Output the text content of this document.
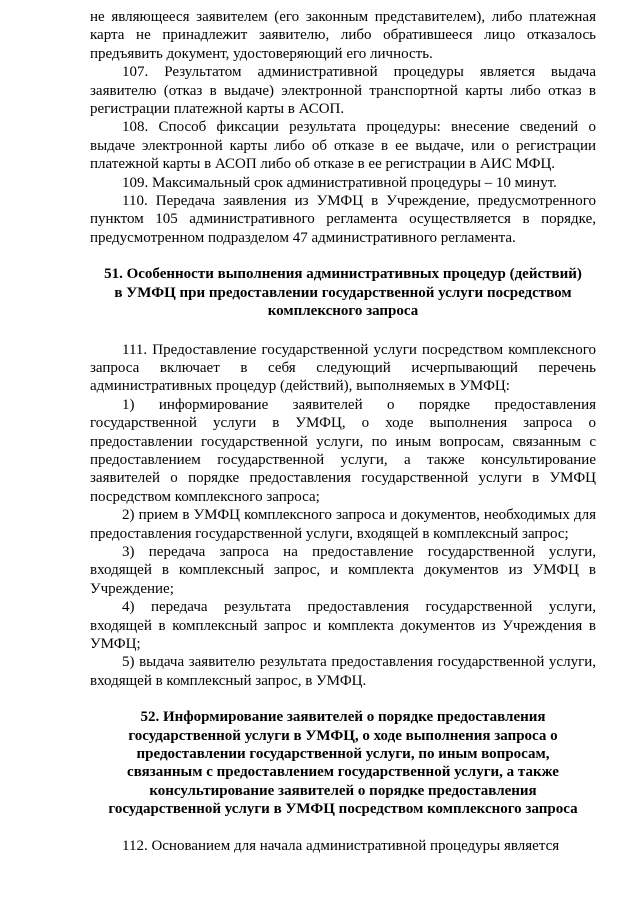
не являющееся заявителем (его законным представителем), либо платежная карта не принадлежит заявителю, либо обратившееся лицо отказалось предъявить документ, удостоверяющий его личность.

107. Результатом административной процедуры является выдача заявителю (отказ в выдаче) электронной транспортной карты либо отказ в регистрации платежной карты в АСОП.

108. Способ фиксации результата процедуры: внесение сведений о выдаче электронной карты либо об отказе в ее выдаче, или о регистрации платежной карты в АСОП либо об отказе в ее регистрации в АИС МФЦ.

109. Максимальный срок административной процедуры – 10 минут.

110. Передача заявления из УМФЦ в Учреждение, предусмотренного пунктом 105 административного регламента осуществляется в порядке, предусмотренном подразделом 47 административного регламента.

51. Особенности выполнения административных процедур (действий) в УМФЦ при предоставлении государственной услуги посредством комплексного запроса

111. Предоставление государственной услуги посредством комплексного запроса включает в себя следующий исчерпывающий перечень административных процедур (действий), выполняемых в УМФЦ:

1) информирование заявителей о порядке предоставления государственной услуги в УМФЦ, о ходе выполнения запроса о предоставлении государственной услуги, по иным вопросам, связанным с предоставлением государственной услуги, а также консультирование заявителей о порядке предоставления государственной услуги в УМФЦ посредством комплексного запроса;

2) прием в УМФЦ комплексного запроса и документов, необходимых для предоставления государственной услуги, входящей в комплексный запрос;

3) передача запроса на предоставление государственной услуги, входящей в комплексный запрос, и комплекта документов из УМФЦ в Учреждение;

4) передача результата предоставления государственной услуги, входящей в комплексный запрос и комплекта документов из Учреждения в УМФЦ;

5) выдача заявителю результата предоставления государственной услуги, входящей в комплексный запрос, в УМФЦ.

52. Информирование заявителей о порядке предоставления государственной услуги в УМФЦ, о ходе выполнения запроса о предоставлении государственной услуги, по иным вопросам, связанным с предоставлением государственной услуги, а также консультирование заявителей о порядке предоставления государственной услуги в УМФЦ посредством комплексного запроса

112. Основанием для начала административной процедуры является
